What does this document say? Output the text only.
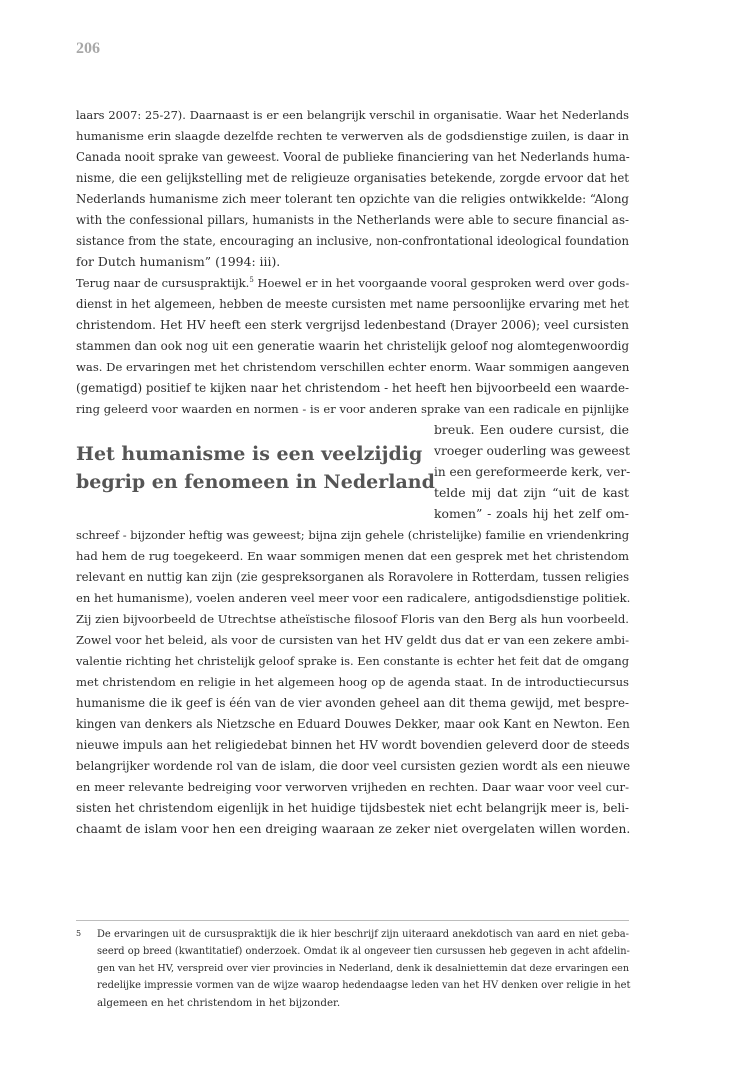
206
laars 2007: 25-27). Daarnaast is er een belangrijk verschil in organisatie. Waar het Nederlands
humanisme erin slaagde dezelfde rechten te verwerven als de godsdienstige zuilen, is daar in
Canada nooit sprake van geweest. Vooral de publieke financiering van het Nederlands huma-
nisme, die een gelijkstelling met de religieuze organisaties betekende, zorgde ervoor dat het
Nederlands humanisme zich meer tolerant ten opzichte van die religies ontwikkelde: “Along
with the confessional pillars, humanists in the Netherlands were able to secure financial as-
sistance from the state, encouraging an inclusive, non-confrontational ideological foundation
for Dutch humanism” (1994: iii).
Terug naar de cursuspraktijk.$^5$ Hoewel er in het voorgaande vooral gesproken werd over gods-
dienst in het algemeen, hebben de meeste cursisten met name persoonlijke ervaring met het
christendom. Het HV heeft een sterk vergrijsd ledenbestand (Drayer 2006); veel cursisten
stammen dan ook nog uit een generatie waarin het christelijk geloof nog alomtegenwoordig
was. De ervaringen met het christendom verschillen echter enorm. Waar sommigen aangeven
(gematigd) positief te kijken naar het christendom - het heeft hen bijvoorbeeld een waarde-
ring geleerd voor waarden en normen - is er voor anderen sprake van een radicale en pijnlijke
Het humanisme is een veelzijdig
begrip en fenomeen in Nederland
breuk. Een oudere cursist, die
vroeger ouderling was geweest
in een gereformeerde kerk, ver-
telde mij dat zijn “uit de kast
komen” - zoals hij het zelf om-
schreef - bijzonder heftig was geweest; bijna zijn gehele (christelijke) familie en vriendenkring
had hem de rug toegekeerd. En waar sommigen menen dat een gesprek met het christendom
relevant en nuttig kan zijn (zie gespreksorganen als Roravolere in Rotterdam, tussen religies
en het humanisme), voelen anderen veel meer voor een radicalere, antigodsdienstige politiek.
Zij zien bijvoorbeeld de Utrechtse atheïstische filosoof Floris van den Berg als hun voorbeeld.
Zowel voor het beleid, als voor de cursisten van het HV geldt dus dat er van een zekere ambi-
valentie richting het christelijk geloof sprake is. Een constante is echter het feit dat de omgang
met christendom en religie in het algemeen hoog op de agenda staat. In de introductiecursus
humanisme die ik geef is één van de vier avonden geheel aan dit thema gewijd, met bespre-
kingen van denkers als Nietzsche en Eduard Douwes Dekker, maar ook Kant en Newton. Een
nieuwe impuls aan het religiedebat binnen het HV wordt bovendien geleverd door de steeds
belangrijker wordende rol van de islam, die door veel cursisten gezien wordt als een nieuwe
en meer relevante bedreiging voor verworven vrijheden en rechten. Daar waar voor veel cur-
sisten het christendom eigenlijk in het huidige tijdsbestek niet echt belangrijk meer is, beli-
chaamt de islam voor hen een dreiging waaraan ze zeker niet overgelaten willen worden.
5 De ervaringen uit de cursuspraktijk die ik hier beschrijf zijn uiteraard anekdotisch van aard en niet geba-
seerd op breed (kwantitatief) onderzoek. Omdat ik al ongeveer tien cursussen heb gegeven in acht afdelin-
gen van het HV, verspreid over vier provincies in Nederland, denk ik desalniettemin dat deze ervaringen een
redelijke impressie vormen van de wijze waarop hedendaagse leden van het HV denken over religie in het
algemeen en het christendom in het bijzonder.
